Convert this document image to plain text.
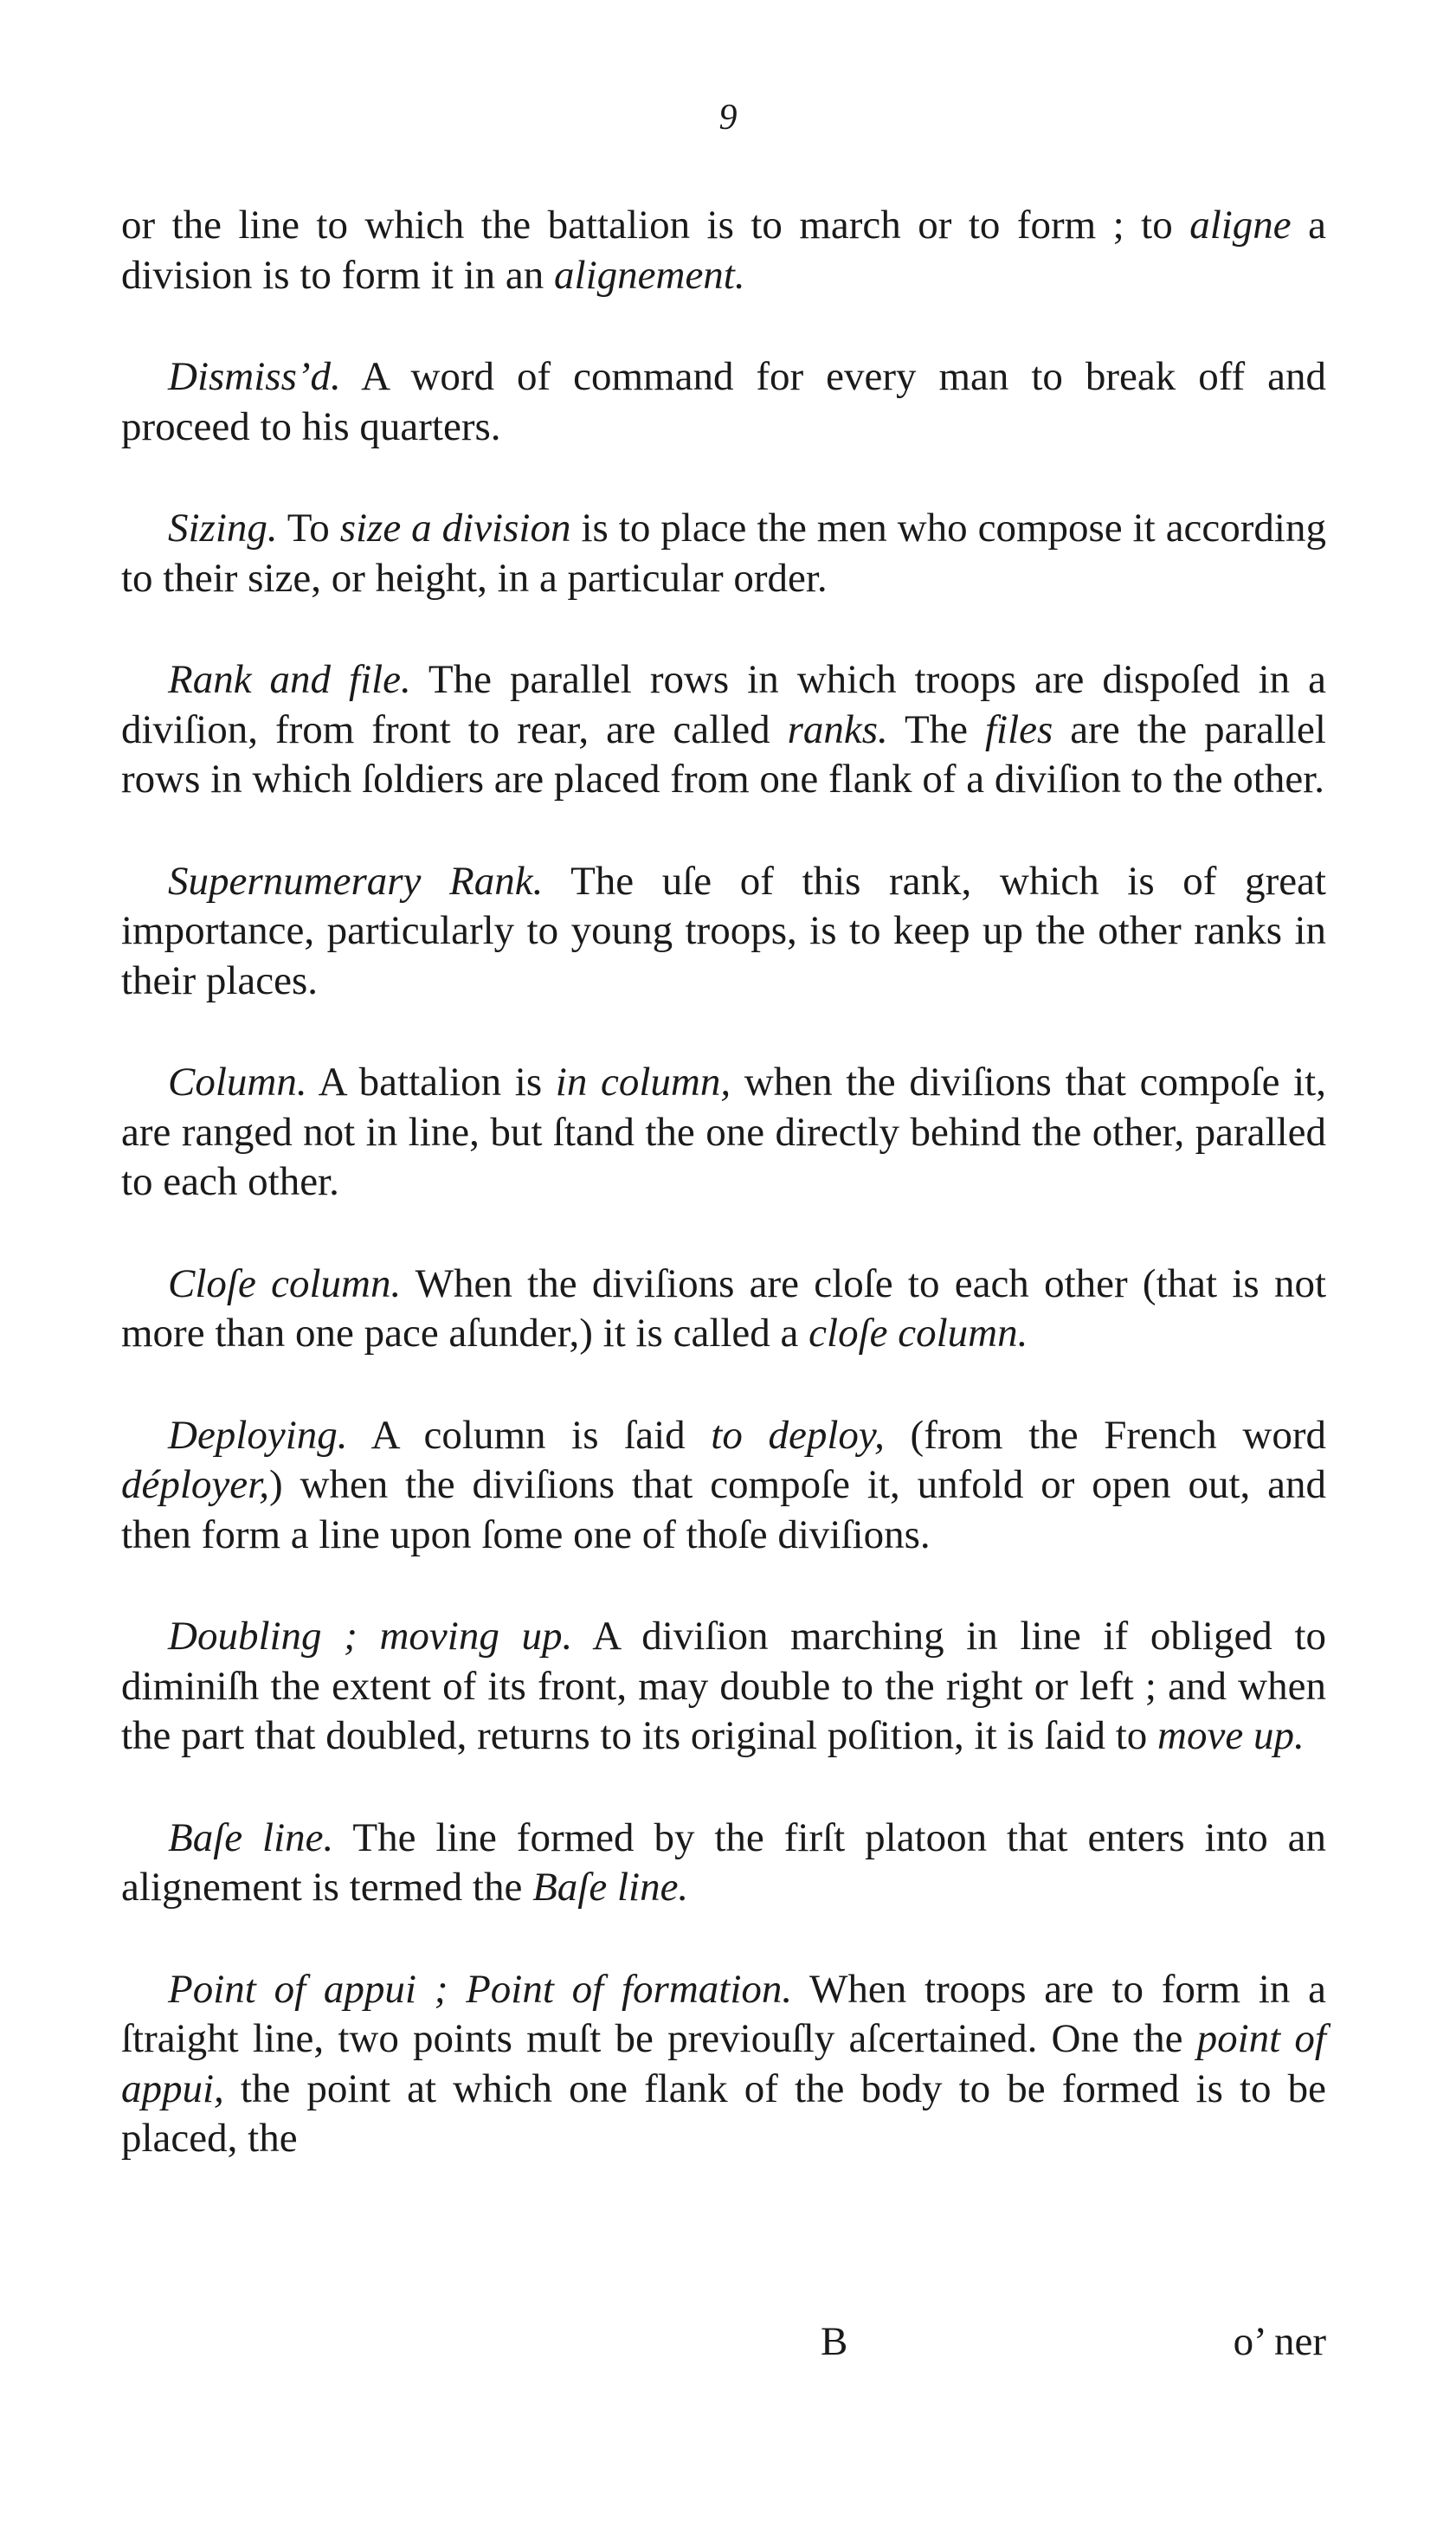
9

or the line to which the battalion is to march or to form ; to aligne a division is to form it in an alignement.

Dismiss’d. A word of command for every man to break off and proceed to his quarters.

Sizing. To size a division is to place the men who compose it according to their size, or height, in a particular order.

Rank and file. The parallel rows in which troops are dispoſed in a diviſion, from front to rear, are called ranks. The files are the parallel rows in which ſoldiers are placed from one flank of a diviſion to the other.

Supernumerary Rank. The uſe of this rank, which is of great importance, particularly to young troops, is to keep up the other ranks in their places.

Column. A battalion is in column, when the diviſions that compoſe it, are ranged not in line, but ſtand the one directly behind the other, paralled to each other.

Cloſe column. When the diviſions are cloſe to each other (that is not more than one pace aſunder,) it is called a cloſe column.

Deploying. A column is ſaid to deploy, (from the French word déployer,) when the diviſions that compoſe it, unfold or open out, and then form a line upon ſome one of thoſe diviſions.

Doubling ; moving up. A diviſion marching in line if obliged to diminiſh the extent of its front, may double to the right or left ; and when the part that doubled, returns to its original poſition, it is ſaid to move up.

Baſe line. The line formed by the firſt platoon that enters into an alignement is termed the Baſe line.

Point of appui ; Point of formation. When troops are to form in a ſtraight line, two points muſt be previouſly aſcertained. One the point of appui, the point at which one flank of the body to be formed is to be placed, the

B	o’ ner
